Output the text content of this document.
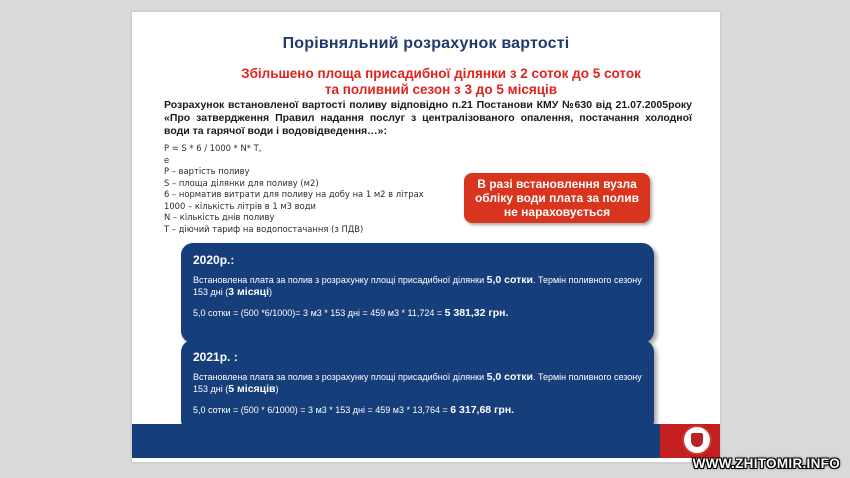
Порівняльний розрахунок вартості
Збільшено площа присадибної ділянки з 2 соток до 5 соток
та поливний сезон з 3 до 5 місяців
Розрахунок встановленої вартості поливу відповідно п.21 Постанови КМУ №630 від 21.07.2005року «Про затвердження Правил надання послуг з централізованого опалення, постачання холодної води та гарячої води і водовідведення…»:
Р = S * 6 / 1000 * N* Т,
е
Р – вартість поливу
S – площа ділянки для поливу (м2)
6 – норматив витрати для поливу на добу на 1 м2 в літрах
1000 – кількість літрів в 1 м3 води
N – кількість днів поливу
Т – діючий тариф на водопостачання (з ПДВ)
В разі встановлення вузла обліку води плата за полив не нараховується
2020р.:
Встановлена плата за полив з розрахунку площі присадибної ділянки 5,0 сотки. Термін поливного сезону 153 дні (3 місяці)
5,0 сотки = (500 *6/1000)= 3 м3 * 153 дні = 459 м3 * 11,724 = 5 381,32 грн.
2021р. :
Встановлена плата за полив з розрахунку площі присадибної ділянки 5,0 сотки. Термін поливного сезону 153 дні (5 місяців)
5,0 сотки = (500 * 6/1000) = 3 м3 * 153 дні = 459 м3 * 13,764 = 6 317,68 грн.
WWW.ZHITOMIR.INFO
